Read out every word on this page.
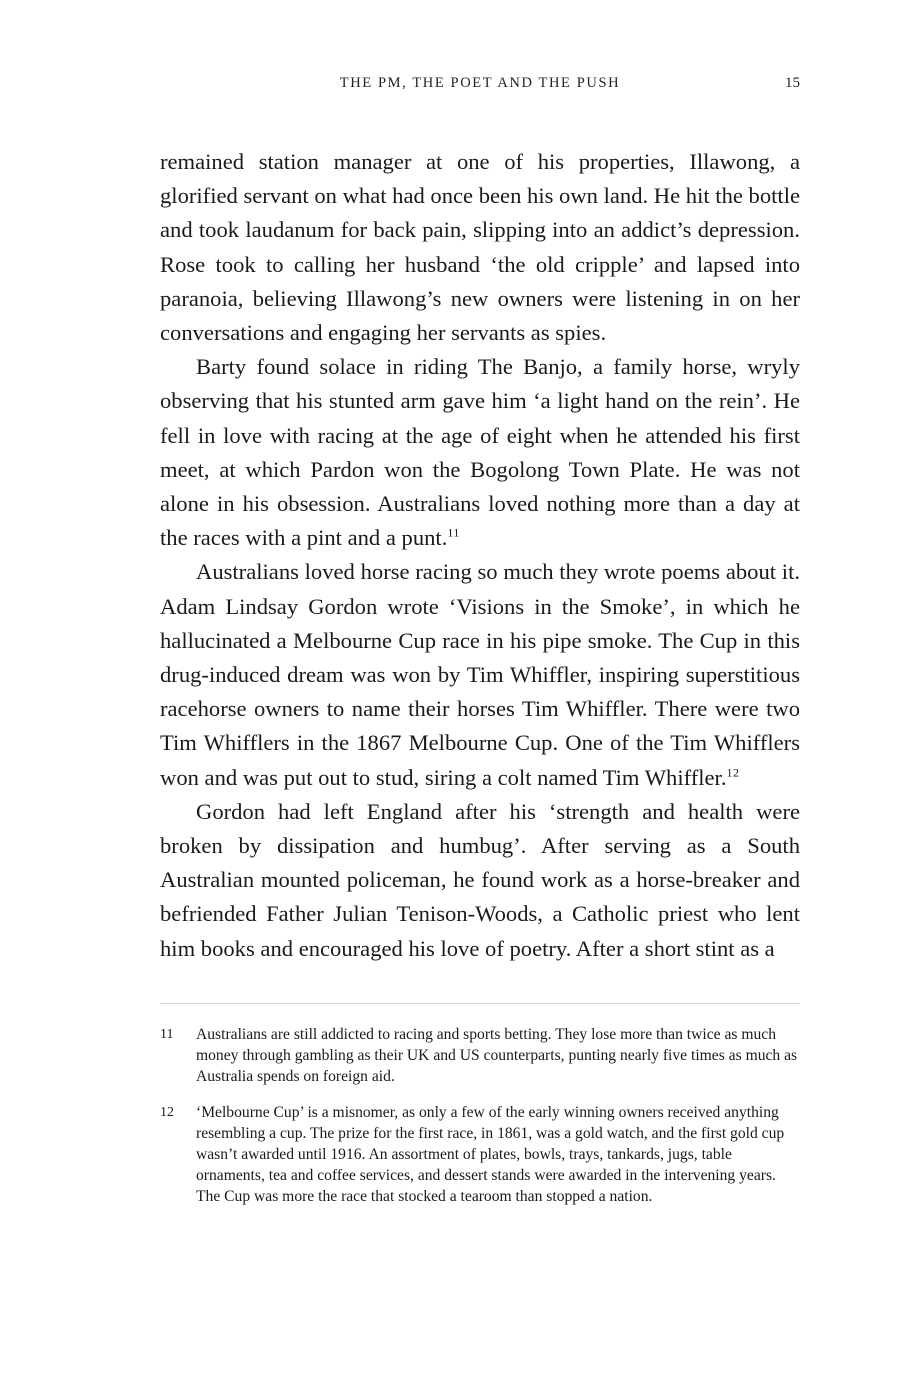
THE PM, THE POET AND THE PUSH	15

remained station manager at one of his properties, Illawong, a glorified servant on what had once been his own land. He hit the bottle and took laudanum for back pain, slipping into an addict’s depression. Rose took to calling her husband ‘the old cripple’ and lapsed into paranoia, believing Illawong’s new owners were listening in on her conversations and engaging her servants as spies.

Barty found solace in riding The Banjo, a family horse, wryly observing that his stunted arm gave him ‘a light hand on the rein’. He fell in love with racing at the age of eight when he attended his first meet, at which Pardon won the Bogolong Town Plate. He was not alone in his obsession. Australians loved nothing more than a day at the races with a pint and a punt.$^{11}$

Australians loved horse racing so much they wrote poems about it. Adam Lindsay Gordon wrote ‘Visions in the Smoke’, in which he hallucinated a Melbourne Cup race in his pipe smoke. The Cup in this drug-induced dream was won by Tim Whiffler, inspiring superstitious racehorse owners to name their horses Tim Whiffler. There were two Tim Whifflers in the 1867 Melbourne Cup. One of the Tim Whifflers won and was put out to stud, siring a colt named Tim Whiffler.$^{12}$

Gordon had left England after his ‘strength and health were broken by dissipation and humbug’. After serving as a South Australian mounted policeman, he found work as a horse-breaker and befriended Father Julian Tenison-Woods, a Catholic priest who lent him books and encouraged his love of poetry. After a short stint as a

11	Australians are still addicted to racing and sports betting. They lose more than twice as much money through gambling as their UK and US counterparts, punting nearly five times as much as Australia spends on foreign aid.
12	‘Melbourne Cup’ is a misnomer, as only a few of the early winning owners received anything resembling a cup. The prize for the first race, in 1861, was a gold watch, and the first gold cup wasn’t awarded until 1916. An assortment of plates, bowls, trays, tankards, jugs, table ornaments, tea and coffee services, and dessert stands were awarded in the intervening years. The Cup was more the race that stocked a tearoom than stopped a nation.
